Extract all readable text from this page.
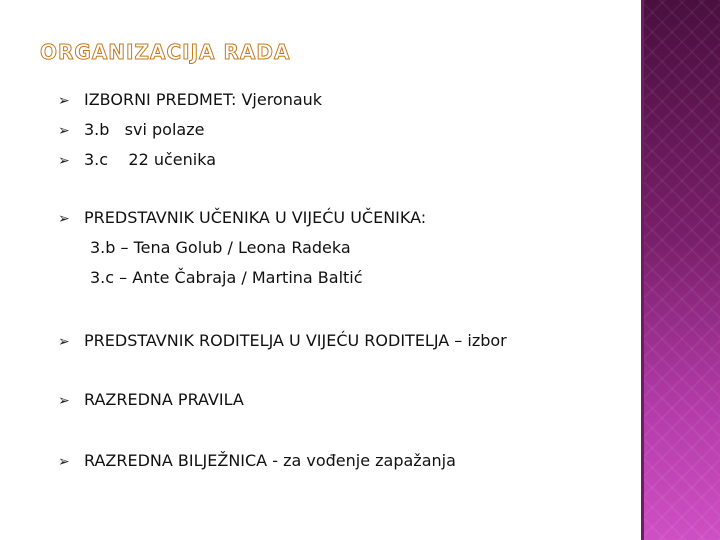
ORGANIZACIJA RADA
➢ IZBORNI PREDMET: Vjeronauk
➢ 3.b   svi polaze
➢ 3.c    22 učenika
➢ PREDSTAVNIK UČENIKA U VIJEĆU UČENIKA:
3.b – Tena Golub / Leona Radeka
3.c – Ante Čabraja / Martina Baltić
➢ PREDSTAVNIK RODITELJA U VIJEĆU RODITELJA – izbor
➢ RAZREDNA PRAVILA
➢ RAZREDNA BILJEŽNICA - za vođenje zapažanja
